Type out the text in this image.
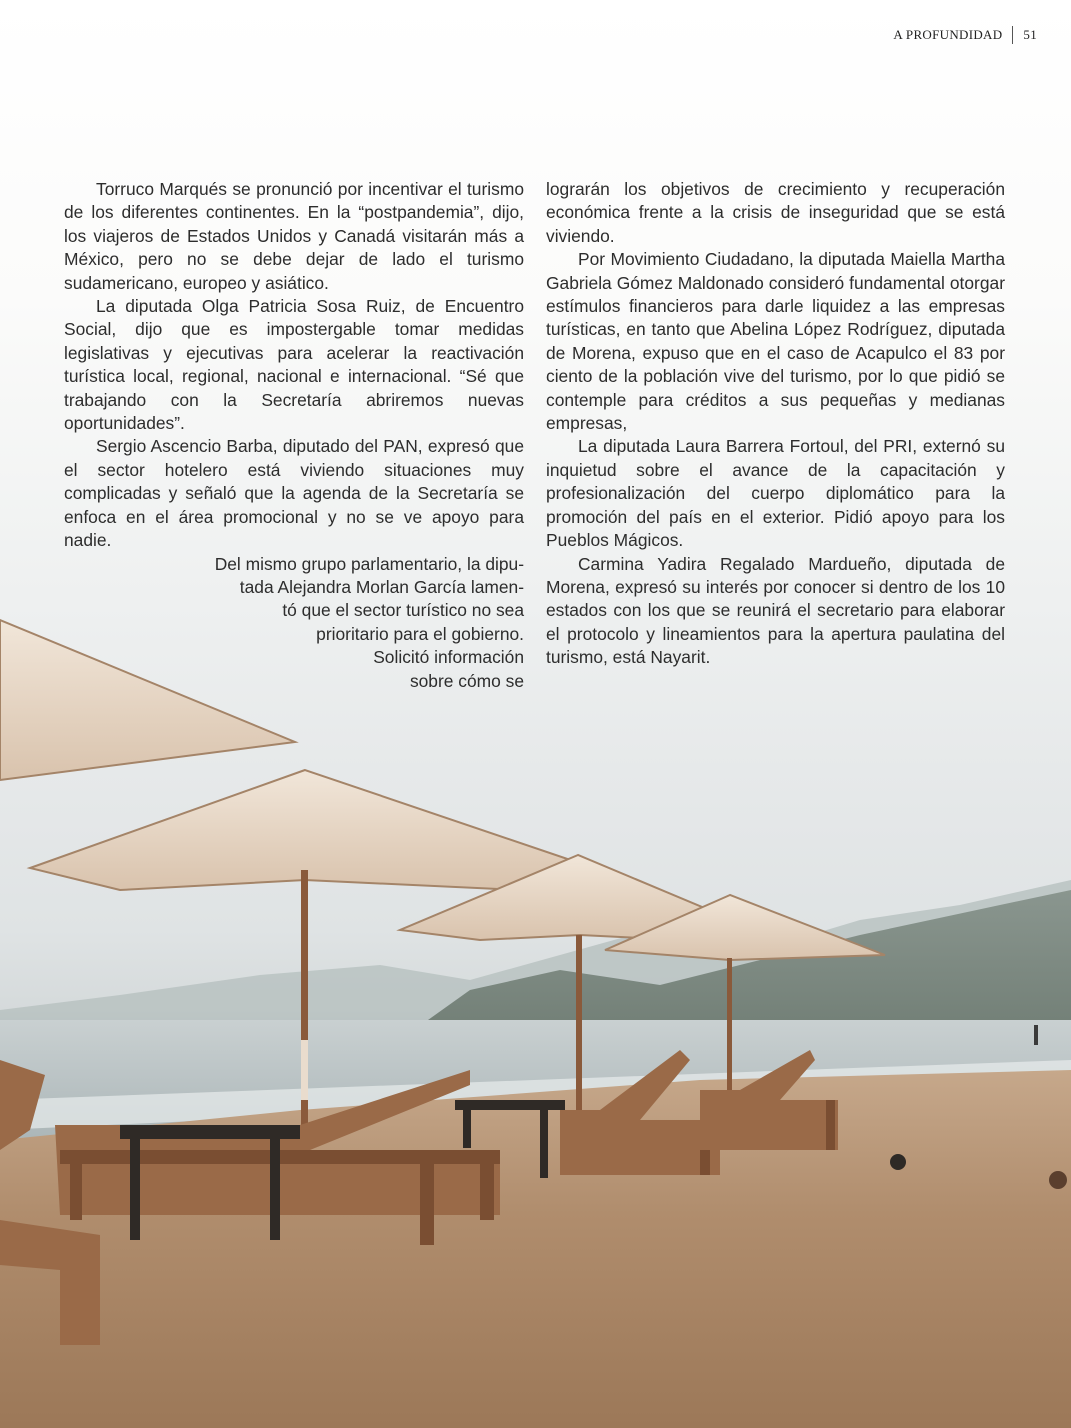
A PROFUNDIDAD 51

Torruco Marqués se pronunció por incentivar el turismo de los diferentes continentes. En la “postpandemia”, dijo, los viajeros de Estados Unidos y Canadá visitarán más a México, pero no se debe dejar de lado el turismo sudamericano, europeo y asiático.

La diputada Olga Patricia Sosa Ruiz, de Encuentro Social, dijo que es impostergable tomar medidas legislativas y ejecutivas para acelerar la reactivación turística local, regional, nacional e internacional. “Sé que trabajando con la Secretaría abriremos nuevas oportunidades”.

Sergio Ascencio Barba, diputado del PAN, expresó que el sector hotelero está viviendo situaciones muy complicadas y señaló que la agenda de la Secretaría se enfoca en el área promocional y no se ve apoyo para nadie.

Del mismo grupo parlamentario, la dipu-

tada Alejandra Morlan García lamen-

tó que el sector turístico no sea

prioritario para el gobierno.

Solicitó información

sobre cómo se

lograrán los objetivos de crecimiento y recuperación económica frente a la crisis de inseguridad que se está viviendo.

Por Movimiento Ciudadano, la diputada Maiella Martha Gabriela Gómez Maldonado consideró fundamental otorgar estímulos financieros para darle liquidez a las empresas turísticas, en tanto que Abelina López Rodríguez, diputada de Morena, expuso que en el caso de Acapulco el 83 por ciento de la población vive del turismo, por lo que pidió se contemple para créditos a sus pequeñas y medianas empresas,

La diputada Laura Barrera Fortoul, del PRI, externó su inquietud sobre el avance de la capacitación y profesionalización del cuerpo diplomático para la promoción del país en el exterior. Pidió apoyo para los Pueblos Mágicos.

Carmina Yadira Regalado Mardueño, diputada de Morena, expresó su interés por conocer si dentro de los 10 estados con los que se reunirá el secretario para elaborar el protocolo y lineamientos para la apertura paulatina del turismo, está Nayarit.
